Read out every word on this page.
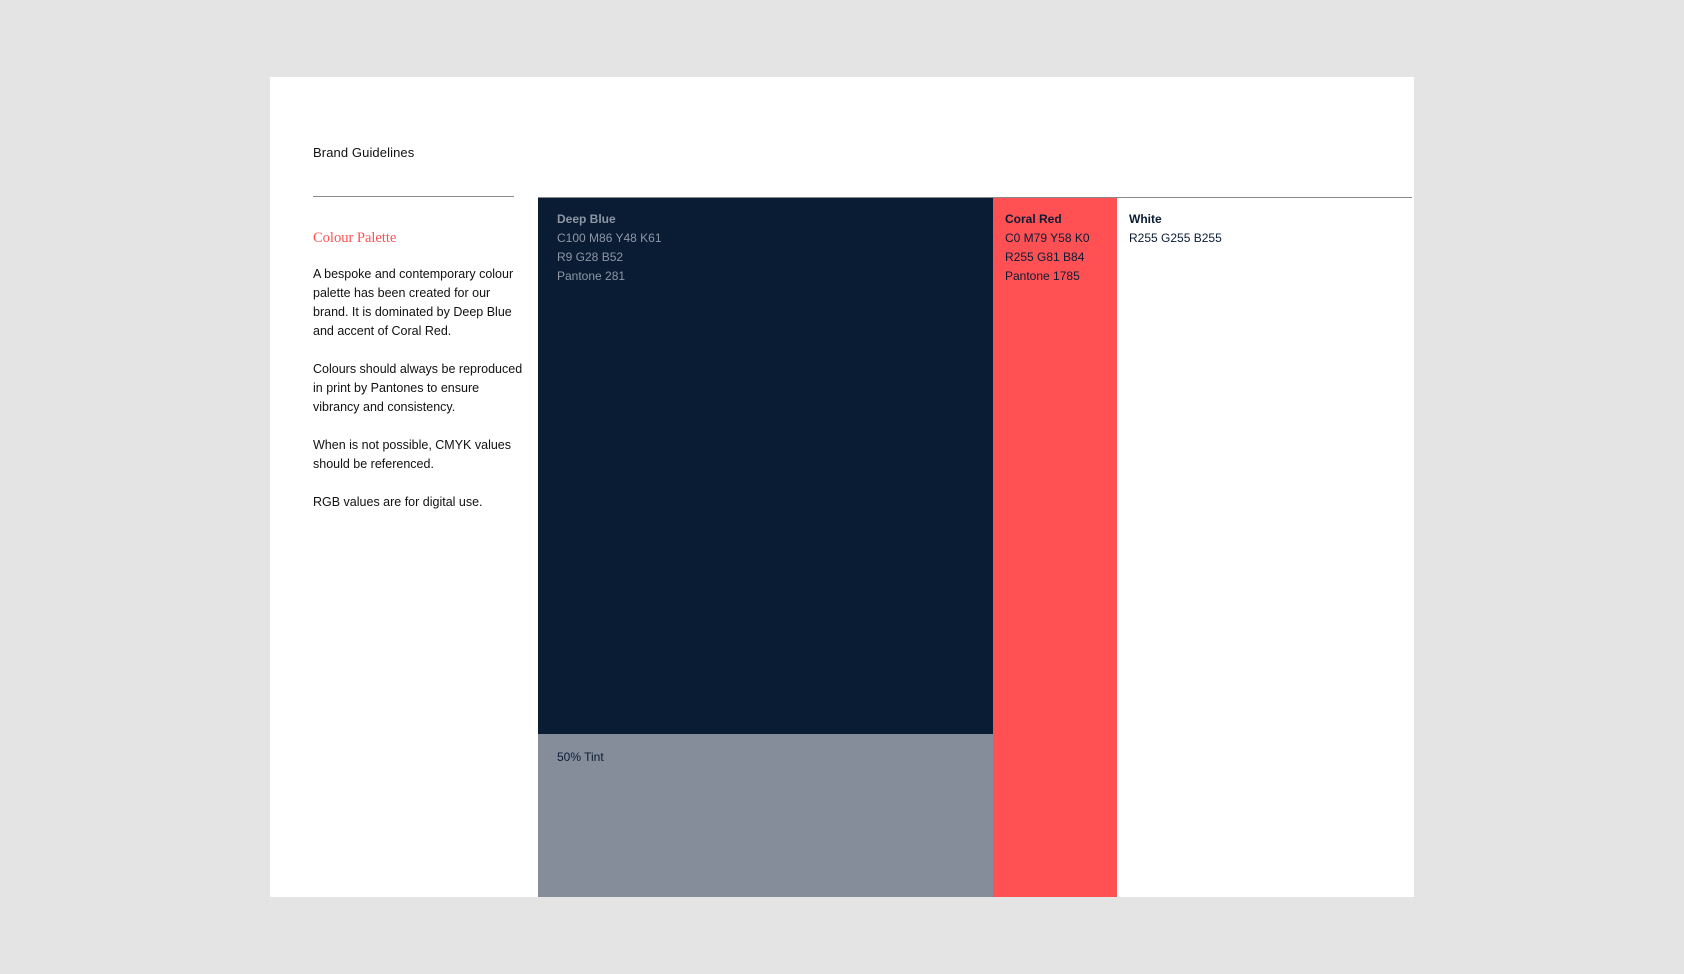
Brand Guidelines
Colour Palette

A bespoke and contemporary colour palette has been created for our brand. It is dominated by Deep Blue and accent of Coral Red.

Colours should always be reproduced in print by Pantones to ensure vibrancy and consistency.

When is not possible, CMYK values should be referenced.

RGB values are for digital use.

Deep Blue
C100 M86 Y48 K61
R9 G28 B52
Pantone 281
50% Tint
Coral Red
C0 M79 Y58 K0
R255 G81 B84
Pantone 1785
White
R255 G255 B255
